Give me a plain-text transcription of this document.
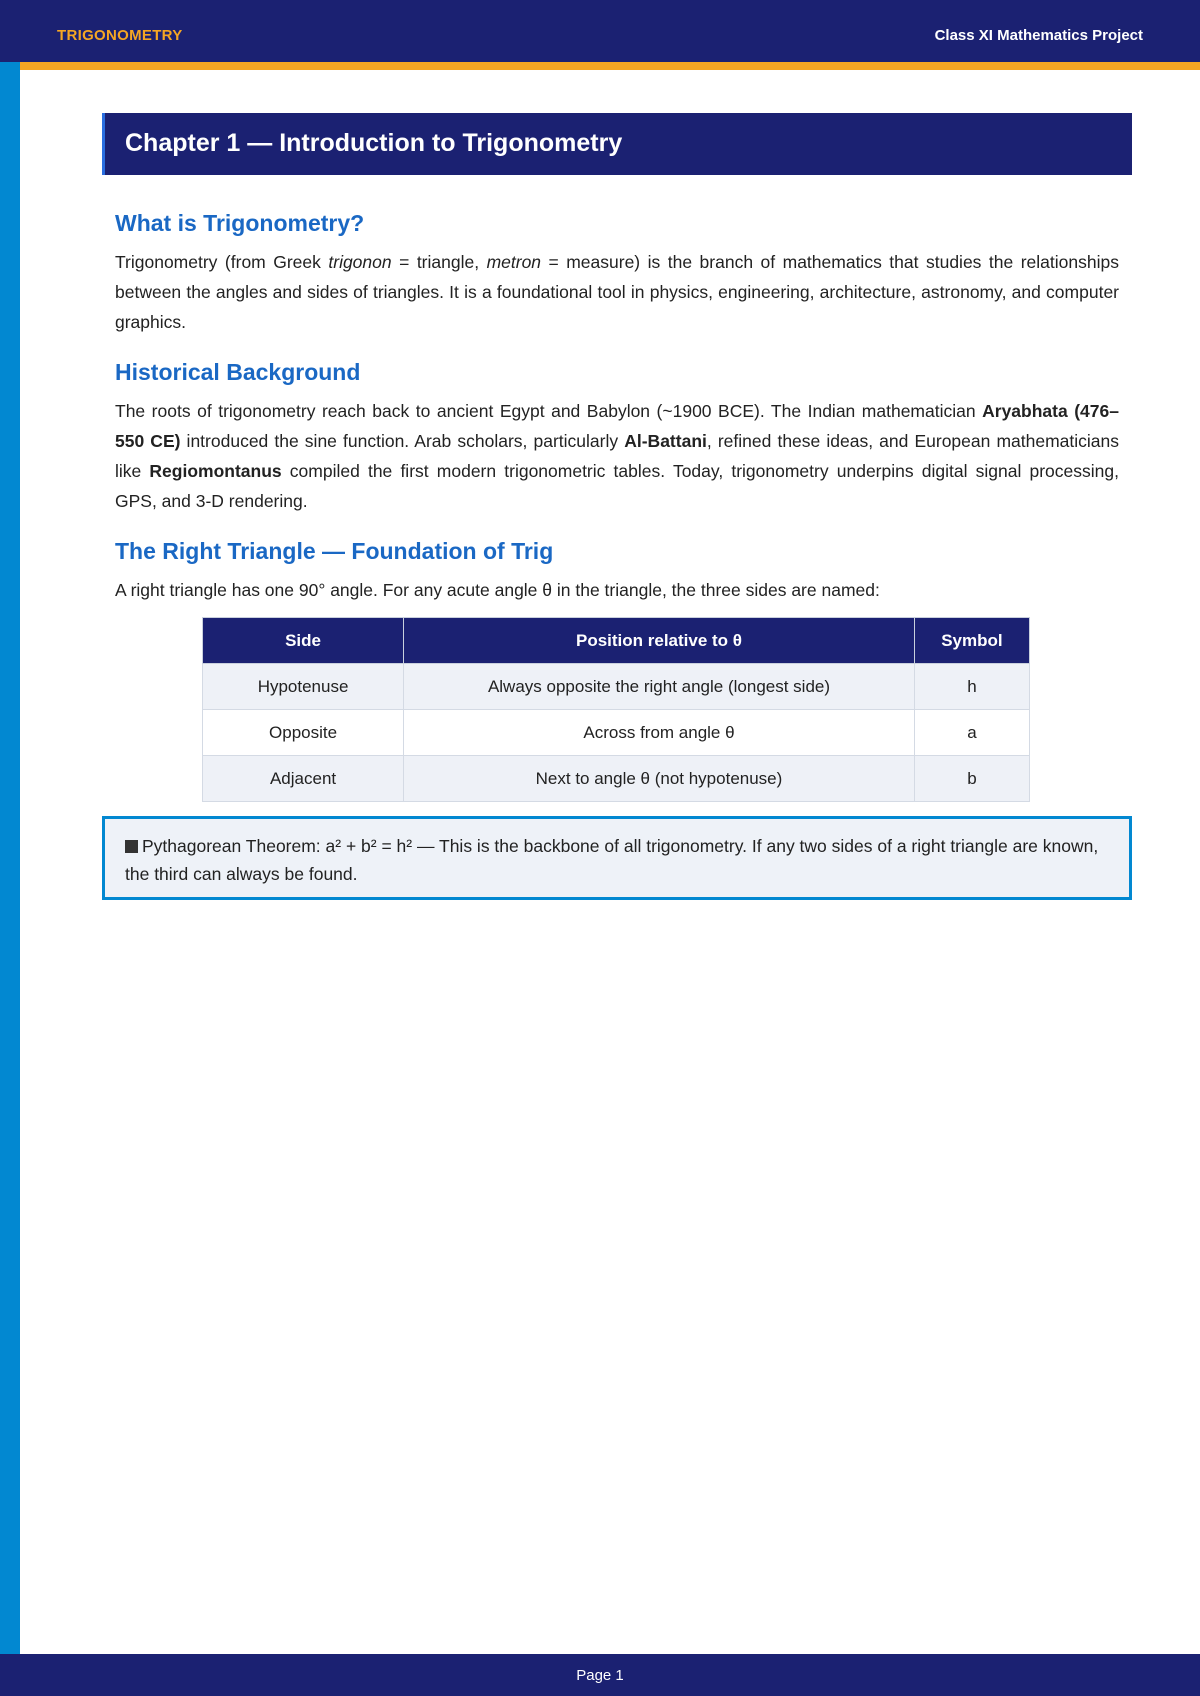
TRIGONOMETRY	Class XI Mathematics Project
Chapter 1 — Introduction to Trigonometry
What is Trigonometry?

Trigonometry (from Greek trigonon = triangle, metron = measure) is the branch of mathematics that studies the relationships between the angles and sides of triangles. It is a foundational tool in physics, engineering, architecture, astronomy, and computer graphics.

Historical Background

The roots of trigonometry reach back to ancient Egypt and Babylon (~1900 BCE). The Indian mathematician Aryabhata (476–550 CE) introduced the sine function. Arab scholars, particularly Al-Battani, refined these ideas, and European mathematicians like Regiomontanus compiled the first modern trigonometric tables. Today, trigonometry underpins digital signal processing, GPS, and 3-D rendering.

The Right Triangle — Foundation of Trig

A right triangle has one 90° angle. For any acute angle θ in the triangle, the three sides are named:

Side	Position relative to θ	Symbol
Hypotenuse	Always opposite the right angle (longest side)	h
Opposite	Across from angle θ	a
Adjacent	Next to angle θ (not hypotenuse)	b
Pythagorean Theorem: a² + b² = h² — This is the backbone of all trigonometry. If any two sides of a right triangle are known, the third can always be found.
Page 1
